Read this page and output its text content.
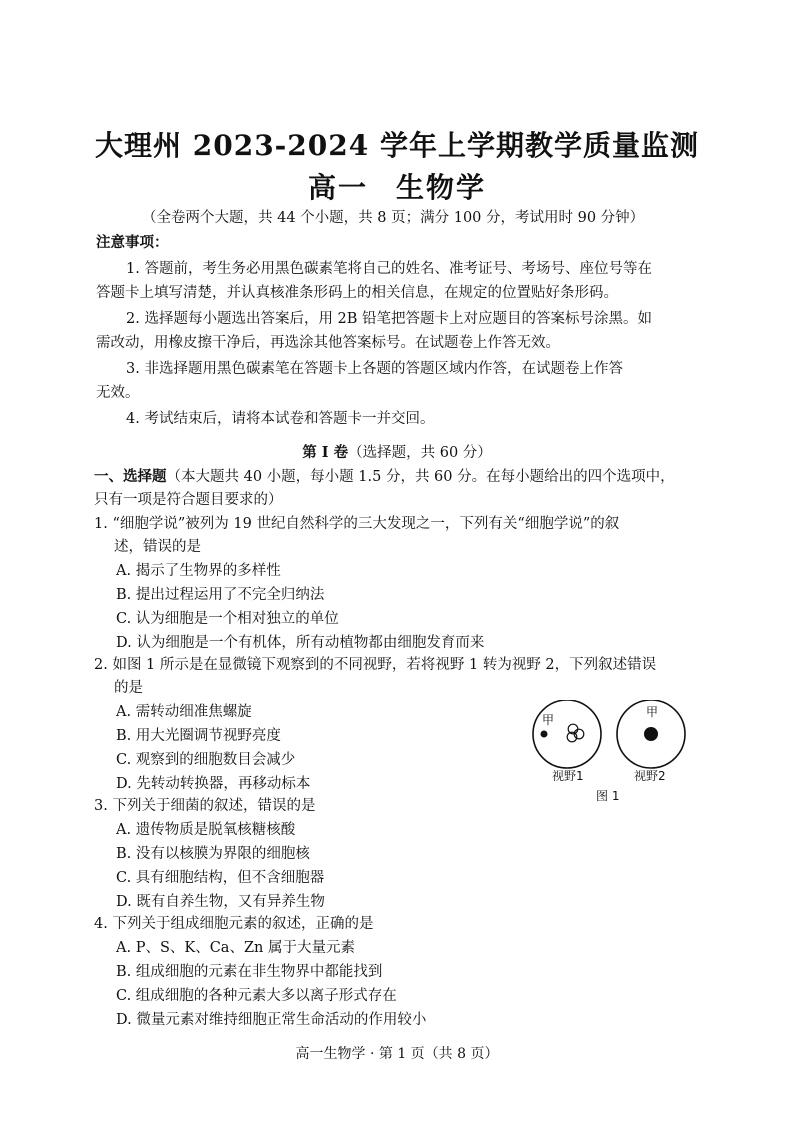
大理州 2023-2024 学年上学期教学质量监测
高一 生物学
（全卷两个大题，共 44 个小题，共 8 页；满分 100 分，考试用时 90 分钟）
注意事项：
1. 答题前，考生务必用黑色碳素笔将自己的姓名、准考证号、考场号、座位号等在
答题卡上填写清楚，并认真核准条形码上的相关信息，在规定的位置贴好条形码。
2. 选择题每小题选出答案后，用 2B 铅笔把答题卡上对应题目的答案标号涂黑。如
需改动，用橡皮擦干净后，再选涂其他答案标号。在试题卷上作答无效。
3. 非选择题用黑色碳素笔在答题卡上各题的答题区域内作答，在试题卷上作答
无效。
4. 考试结束后，请将本试卷和答题卡一并交回。
第 I 卷（选择题，共 60 分）
一、选择题（本大题共 40 小题，每小题 1.5 分，共 60 分。在每小题给出的四个选项中，
只有一项是符合题目要求的）
1. “细胞学说”被列为 19 世纪自然科学的三大发现之一，下列有关“细胞学说”的叙
述，错误的是
A. 揭示了生物界的多样性
B. 提出过程运用了不完全归纳法
C. 认为细胞是一个相对独立的单位
D. 认为细胞是一个有机体，所有动植物都由细胞发育而来
2. 如图 1 所示是在显微镜下观察到的不同视野，若将视野 1 转为视野 2，下列叙述错误
的是
A. 需转动细准焦螺旋
B. 用大光圈调节视野亮度
C. 观察到的细胞数目会减少
D. 先转动转换器，再移动标本
甲
甲
视野1	视野2
图 1
3. 下列关于细菌的叙述，错误的是
A. 遗传物质是脱氧核糖核酸
B. 没有以核膜为界限的细胞核
C. 具有细胞结构，但不含细胞器
D. 既有自养生物，又有异养生物
4. 下列关于组成细胞元素的叙述，正确的是
A. P、S、K、Ca、Zn 属于大量元素
B. 组成细胞的元素在非生物界中都能找到
C. 组成细胞的各种元素大多以离子形式存在
D. 微量元素对维持细胞正常生命活动的作用较小
高一生物学 · 第 1 页（共 8 页）
